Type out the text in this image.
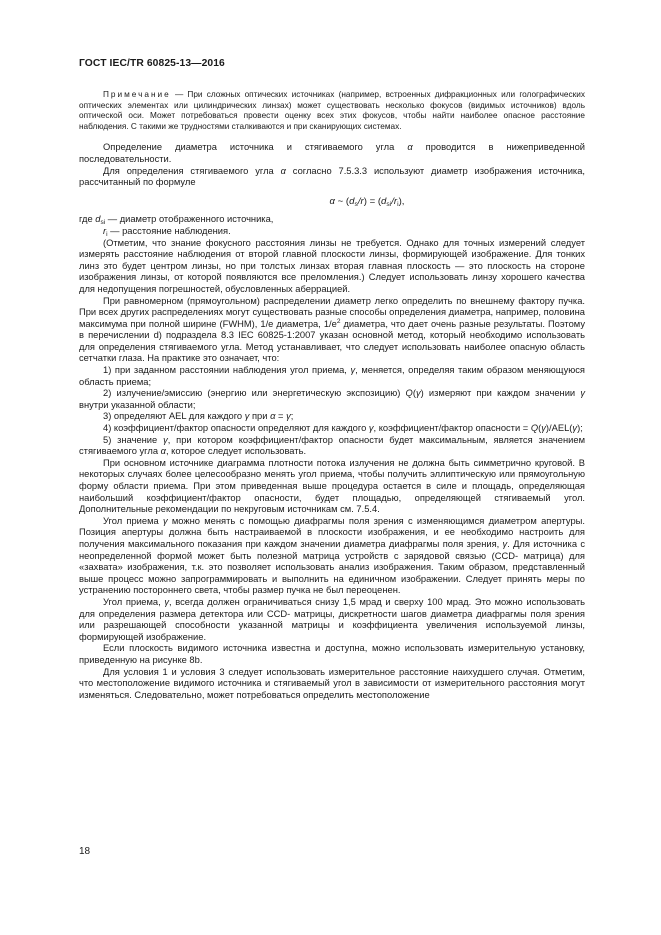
ГОСТ IEC/TR 60825-13—2016

Примечание — При сложных оптических источниках (например, встроенных дифракционных или голографических оптических элементах или цилиндрических линзах) может существовать несколько фокусов (видимых источников) вдоль оптической оси. Может потребоваться провести оценку всех этих фокусов, чтобы найти наиболее опасное расстояние наблюдения. С такими же трудностями сталкиваются и при сканирующих системах.

Определение диаметра источника и стягиваемого угла α проводится в нижеприведенной последовательности.

Для определения стягиваемого угла α согласно 7.5.3.3 используют диаметр изображения источника, рассчитанный по формуле

α ~ $(d_s/r) = (d_{si}/r_i)$,

где $d_{si}$ — диаметр отображенного источника,

$r_i$ — расстояние наблюдения.

(Отметим, что знание фокусного расстояния линзы не требуется. Однако для точных измерений следует измерять расстояние наблюдения от второй главной плоскости линзы, формирующей изображение. Для тонких линз это будет центром линзы, но при толстых линзах вторая главная плоскость — это плоскость на стороне изображения линзы, от которой появляются все преломления.) Следует использовать линзу хорошего качества для недопущения погрешностей, обусловленных аберрацией.

При равномерном (прямоугольном) распределении диаметр легко определить по внешнему фактору пучка. При всех других распределениях могут существовать разные способы определения диаметра, например, половина максимума при полной ширине (FWHM), 1/e диаметра, $1/e^2$ диаметра, что дает очень разные результаты. Поэтому в перечислении d) подраздела 8.3 IEC 60825-1:2007 указан основной метод, который необходимо использовать для определения стягиваемого угла. Метод устанавливает, что следует использовать наиболее опасную область сетчатки глаза. На практике это означает, что:

1) при заданном расстоянии наблюдения угол приема, γ, меняется, определяя таким образом меняющуюся область приема;

2) излучение/эмиссию (энергию или энергетическую экспозицию) Q(γ) измеряют при каждом значении γ внутри указанной области;

3) определяют AEL для каждого γ при α = γ;

4) коэффициент/фактор опасности определяют для каждого γ, коэффициент/фактор опасности = Q(γ)/AEL(γ);

5) значение γ, при котором коэффициент/фактор опасности будет максимальным, является значением стягиваемого угла α, которое следует использовать.

При основном источнике диаграмма плотности потока излучения не должна быть симметрично круговой. В некоторых случаях более целесообразно менять угол приема, чтобы получить эллиптическую или прямоугольную форму области приема. При этом приведенная выше процедура остается в силе и площадь, определяющая наибольший коэффициент/фактор опасности, будет площадью, определяющей стягиваемый угол. Дополнительные рекомендации по некруговым источникам см. 7.5.4.

Угол приема γ можно менять с помощью диафрагмы поля зрения с изменяющимся диаметром апертуры. Позиция апертуры должна быть настраиваемой в плоскости изображения, и ее необходимо настроить для получения максимального показания при каждом значении диаметра диафрагмы поля зрения, γ. Для источника с неопределенной формой может быть полезной матрица устройств с зарядовой связью (CCD- матрица) для «захвата» изображения, т.к. это позволяет использовать анализ изображения. Таким образом, представленный выше процесс можно запрограммировать и выполнить на единичном изображении. Следует принять меры по устранению постороннего света, чтобы размер пучка не был переоценен.

Угол приема, γ, всегда должен ограничиваться снизу 1,5 мрад и сверху 100 мрад. Это можно использовать для определения размера детектора или CCD- матрицы, дискретности шагов диаметра диафрагмы поля зрения или разрешающей способности указанной матрицы и коэффициента увеличения используемой линзы, формирующей изображение.

Если плоскость видимого источника известна и доступна, можно использовать измерительную установку, приведенную на рисунке 8b.

Для условия 1 и условия 3 следует использовать измерительное расстояние наихудшего случая. Отметим, что местоположение видимого источника и стягиваемый угол в зависимости от измерительного расстояния могут изменяться. Следовательно, может потребоваться определить местоположение

18
